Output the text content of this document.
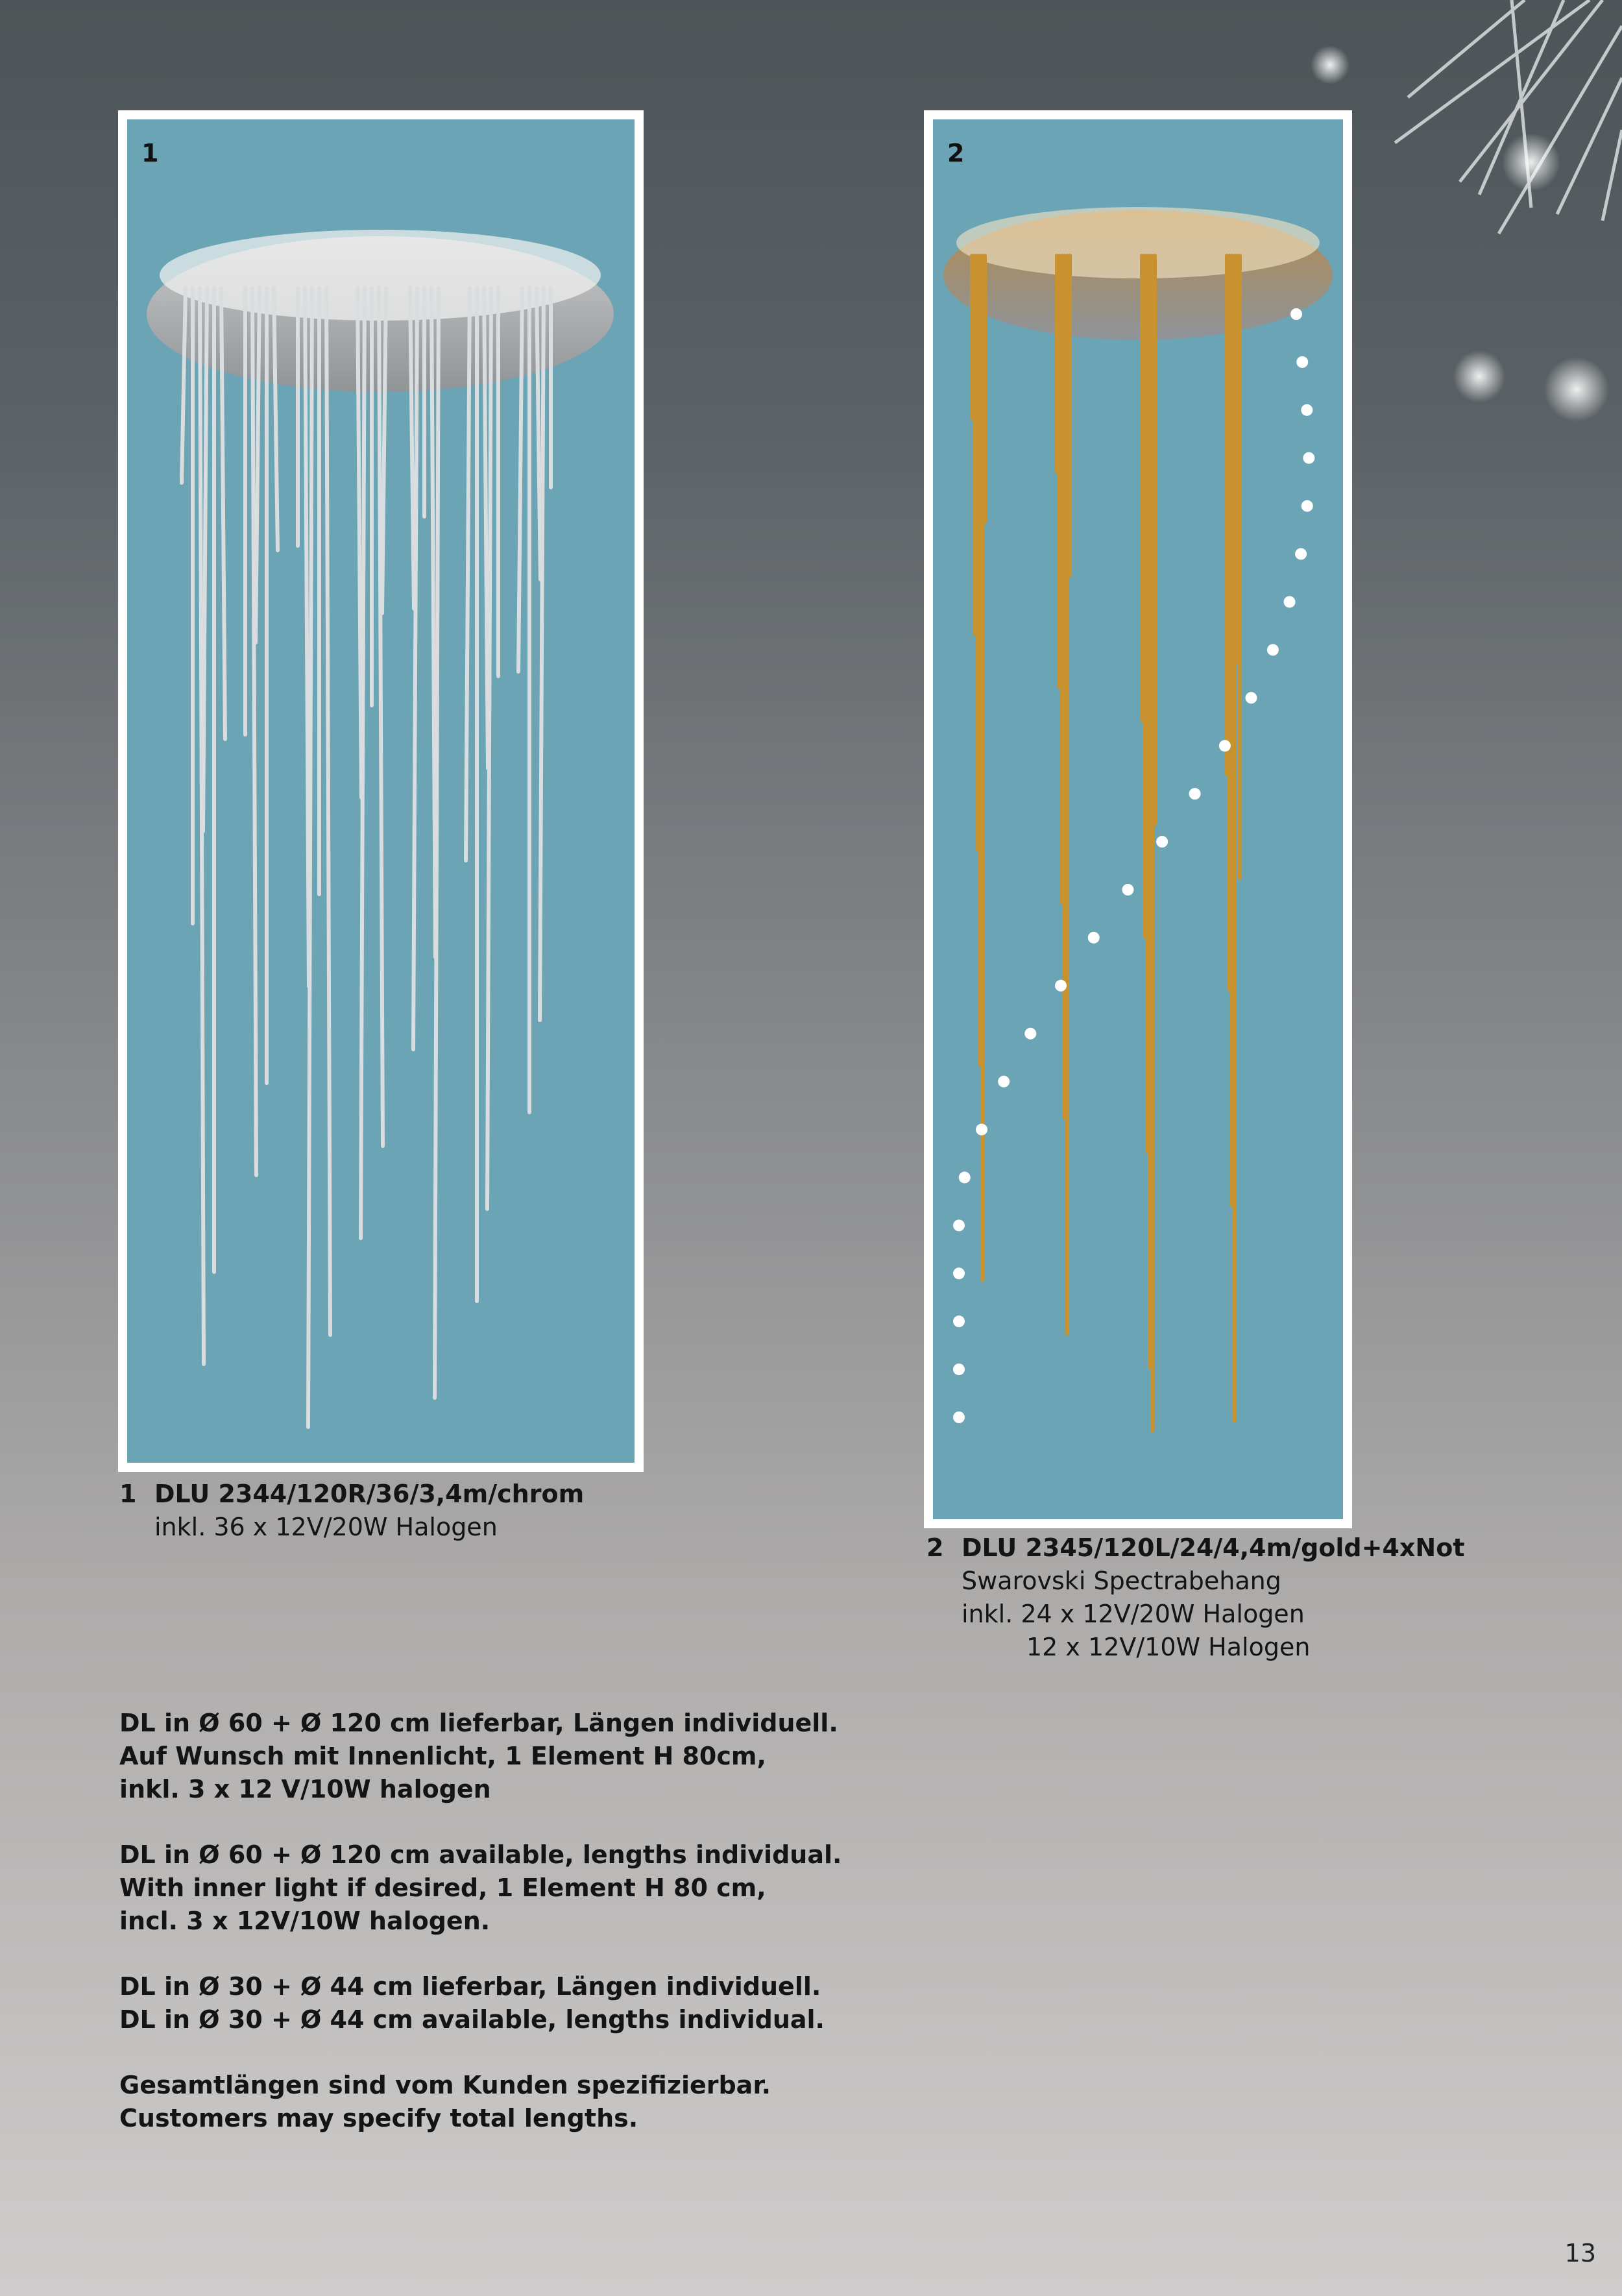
1	2
1 DLU 2344/120R/36/3,4m/chrom
inkl. 36 x 12V/20W Halogen
2 DLU 2345/120L/24/4,4m/gold+4xNot
Swarovski Spectrabehang
inkl. 24 x 12V/20W Halogen
12 x 12V/10W Halogen

DL in Ø 60 + Ø 120 cm lieferbar, Längen individuell.
Auf Wunsch mit Innenlicht, 1 Element H 80cm,
inkl. 3 x 12 V/10W halogen

DL in Ø 60 + Ø 120 cm available, lengths individual.
With inner light if desired, 1 Element H 80 cm,
incl. 3 x 12V/10W halogen.

DL in Ø 30 + Ø 44 cm lieferbar, Längen individuell.
DL in Ø 30 + Ø 44 cm available, lengths individual.

Gesamtlängen sind vom Kunden spezifizierbar.
Customers may specify total lengths.

13
